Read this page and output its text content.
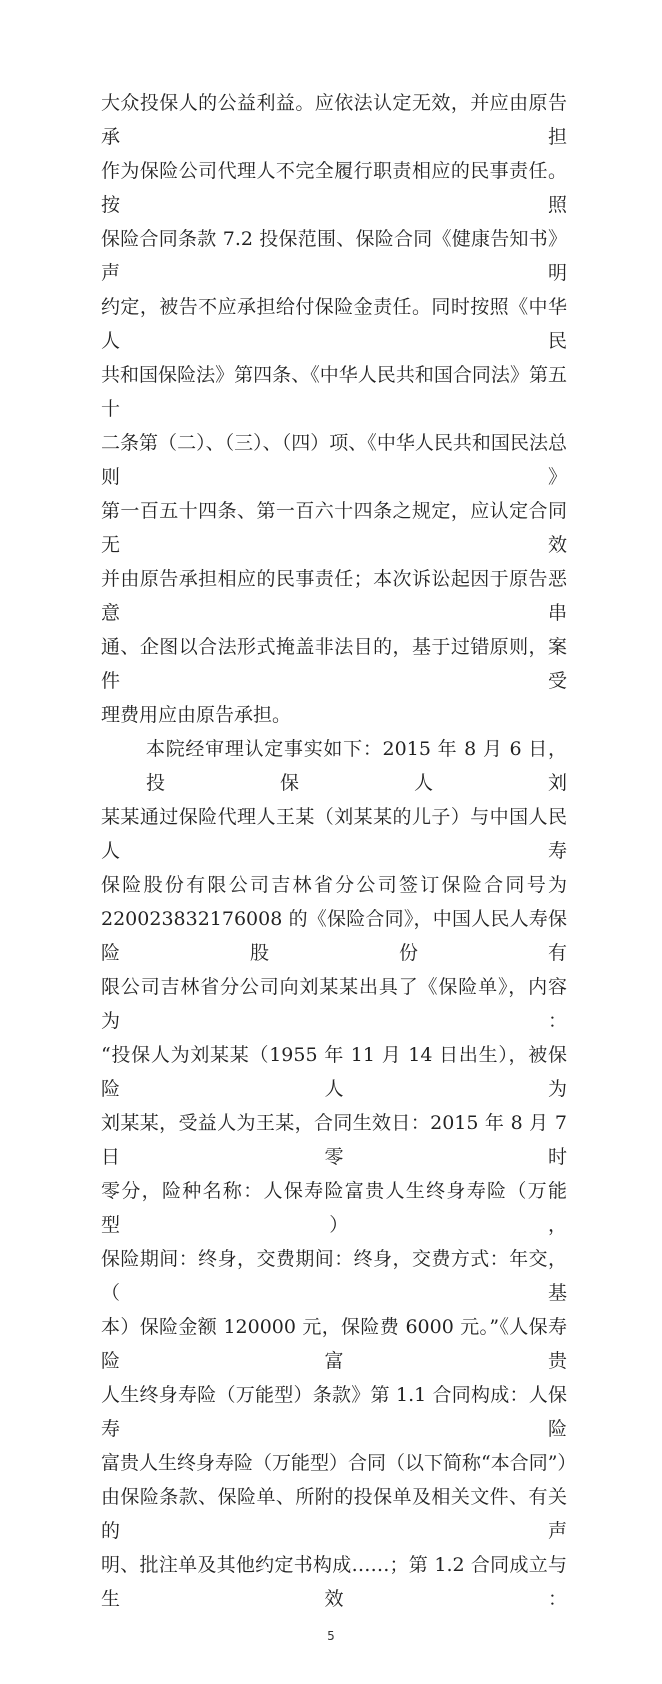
大众投保人的公益利益。应依法认定无效，并应由原告承担
作为保险公司代理人不完全履行职责相应的民事责任。按照
保险合同条款 7.2 投保范围、保险合同《健康告知书》声明
约定，被告不应承担给付保险金责任。同时按照《中华人民
共和国保险法》第四条、《中华人民共和国合同法》第五十
二条第（二）、（三）、（四）项、《中华人民共和国民法总则》
第一百五十四条、第一百六十四条之规定，应认定合同无效
并由原告承担相应的民事责任；本次诉讼起因于原告恶意串
通、企图以合法形式掩盖非法目的，基于过错原则，案件受
理费用应由原告承担。
本院经审理认定事实如下：2015 年 8 月 6 日，投保人刘
某某通过保险代理人王某（刘某某的儿子）与中国人民人寿
保险股份有限公司吉林省分公司签订保险合同号为
220023832176008 的《保险合同》，中国人民人寿保险股份有
限公司吉林省分公司向刘某某出具了《保险单》，内容为：
“投保人为刘某某（1955 年 11 月 14 日出生），被保险人为
刘某某，受益人为王某，合同生效日：2015 年 8 月 7 日零时
零分，险种名称：人保寿险富贵人生终身寿险（万能型），
保险期间：终身，交费期间：终身，交费方式：年交，（基
本）保险金额 120000 元，保险费 6000 元。”《人保寿险富贵
人生终身寿险（万能型）条款》第 1.1 合同构成：人保寿险
富贵人生终身寿险（万能型）合同（以下简称“本合同”）
由保险条款、保险单、所附的投保单及相关文件、有关的声
明、批注单及其他约定书构成……；第 1.2 合同成立与生效：
5
